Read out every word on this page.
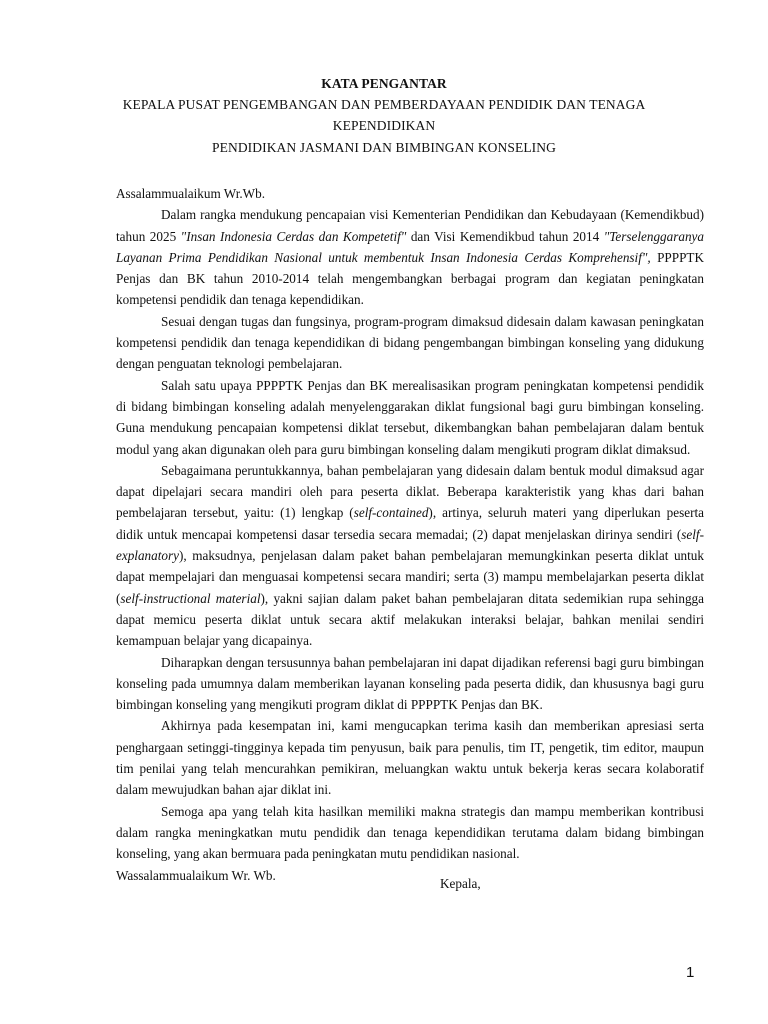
KATA PENGANTAR
KEPALA PUSAT PENGEMBANGAN DAN PEMBERDAYAAN PENDIDIK DAN TENAGA
KEPENDIDIKAN
PENDIDIKAN JASMANI DAN BIMBINGAN KONSELING

Assalammualaikum Wr.Wb.

Dalam rangka mendukung pencapaian visi Kementerian Pendidikan dan Kebudayaan (Kemendikbud) tahun 2025 "Insan Indonesia Cerdas dan Kompetetif" dan Visi Kemendikbud tahun 2014 "Terselenggaranya Layanan Prima Pendidikan Nasional untuk membentuk Insan Indonesia Cerdas Komprehensif", PPPPTK Penjas dan BK tahun 2010-2014 telah mengembangkan berbagai program dan kegiatan peningkatan kompetensi pendidik dan tenaga kependidikan.

Sesuai dengan tugas dan fungsinya, program-program dimaksud didesain dalam kawasan peningkatan kompetensi pendidik dan tenaga kependidikan di bidang pengembangan bimbingan konseling yang didukung dengan penguatan teknologi pembelajaran.

Salah satu upaya PPPPTK Penjas dan BK merealisasikan program peningkatan kompetensi pendidik di bidang bimbingan konseling adalah menyelenggarakan diklat fungsional bagi guru bimbingan konseling. Guna mendukung pencapaian kompetensi diklat tersebut, dikembangkan bahan pembelajaran dalam bentuk modul yang akan digunakan oleh para guru bimbingan konseling dalam mengikuti program diklat dimaksud.

Sebagaimana peruntukkannya, bahan pembelajaran yang didesain dalam bentuk modul dimaksud agar dapat dipelajari secara mandiri oleh para peserta diklat. Beberapa karakteristik yang khas dari bahan pembelajaran tersebut, yaitu: (1) lengkap (self-contained), artinya, seluruh materi yang diperlukan peserta didik untuk mencapai kompetensi dasar tersedia secara memadai; (2) dapat menjelaskan dirinya sendiri (self-explanatory), maksudnya, penjelasan dalam paket bahan pembelajaran memungkinkan peserta diklat untuk dapat mempelajari dan menguasai kompetensi secara mandiri; serta (3) mampu membelajarkan peserta diklat (self-instructional material), yakni sajian dalam paket bahan pembelajaran ditata sedemikian rupa sehingga dapat memicu peserta diklat untuk secara aktif melakukan interaksi belajar, bahkan menilai sendiri kemampuan belajar yang dicapainya.

Diharapkan dengan tersusunnya bahan pembelajaran ini dapat dijadikan referensi bagi guru bimbingan konseling pada umumnya dalam memberikan layanan konseling pada peserta didik, dan khususnya bagi guru bimbingan konseling yang mengikuti program diklat di PPPPTK Penjas dan BK.

Akhirnya pada kesempatan ini, kami mengucapkan terima kasih dan memberikan apresiasi serta penghargaan setinggi-tingginya kepada tim penyusun, baik para penulis, tim IT, pengetik, tim editor, maupun tim penilai yang telah mencurahkan pemikiran, meluangkan waktu untuk bekerja keras secara kolaboratif dalam mewujudkan bahan ajar diklat ini.

Semoga apa yang telah kita hasilkan memiliki makna strategis dan mampu memberikan kontribusi dalam rangka meningkatkan mutu pendidik dan tenaga kependidikan terutama dalam bidang bimbingan konseling, yang akan bermuara pada peningkatan mutu pendidikan nasional.

Wassalammualaikum Wr. Wb.

Kepala,
1
